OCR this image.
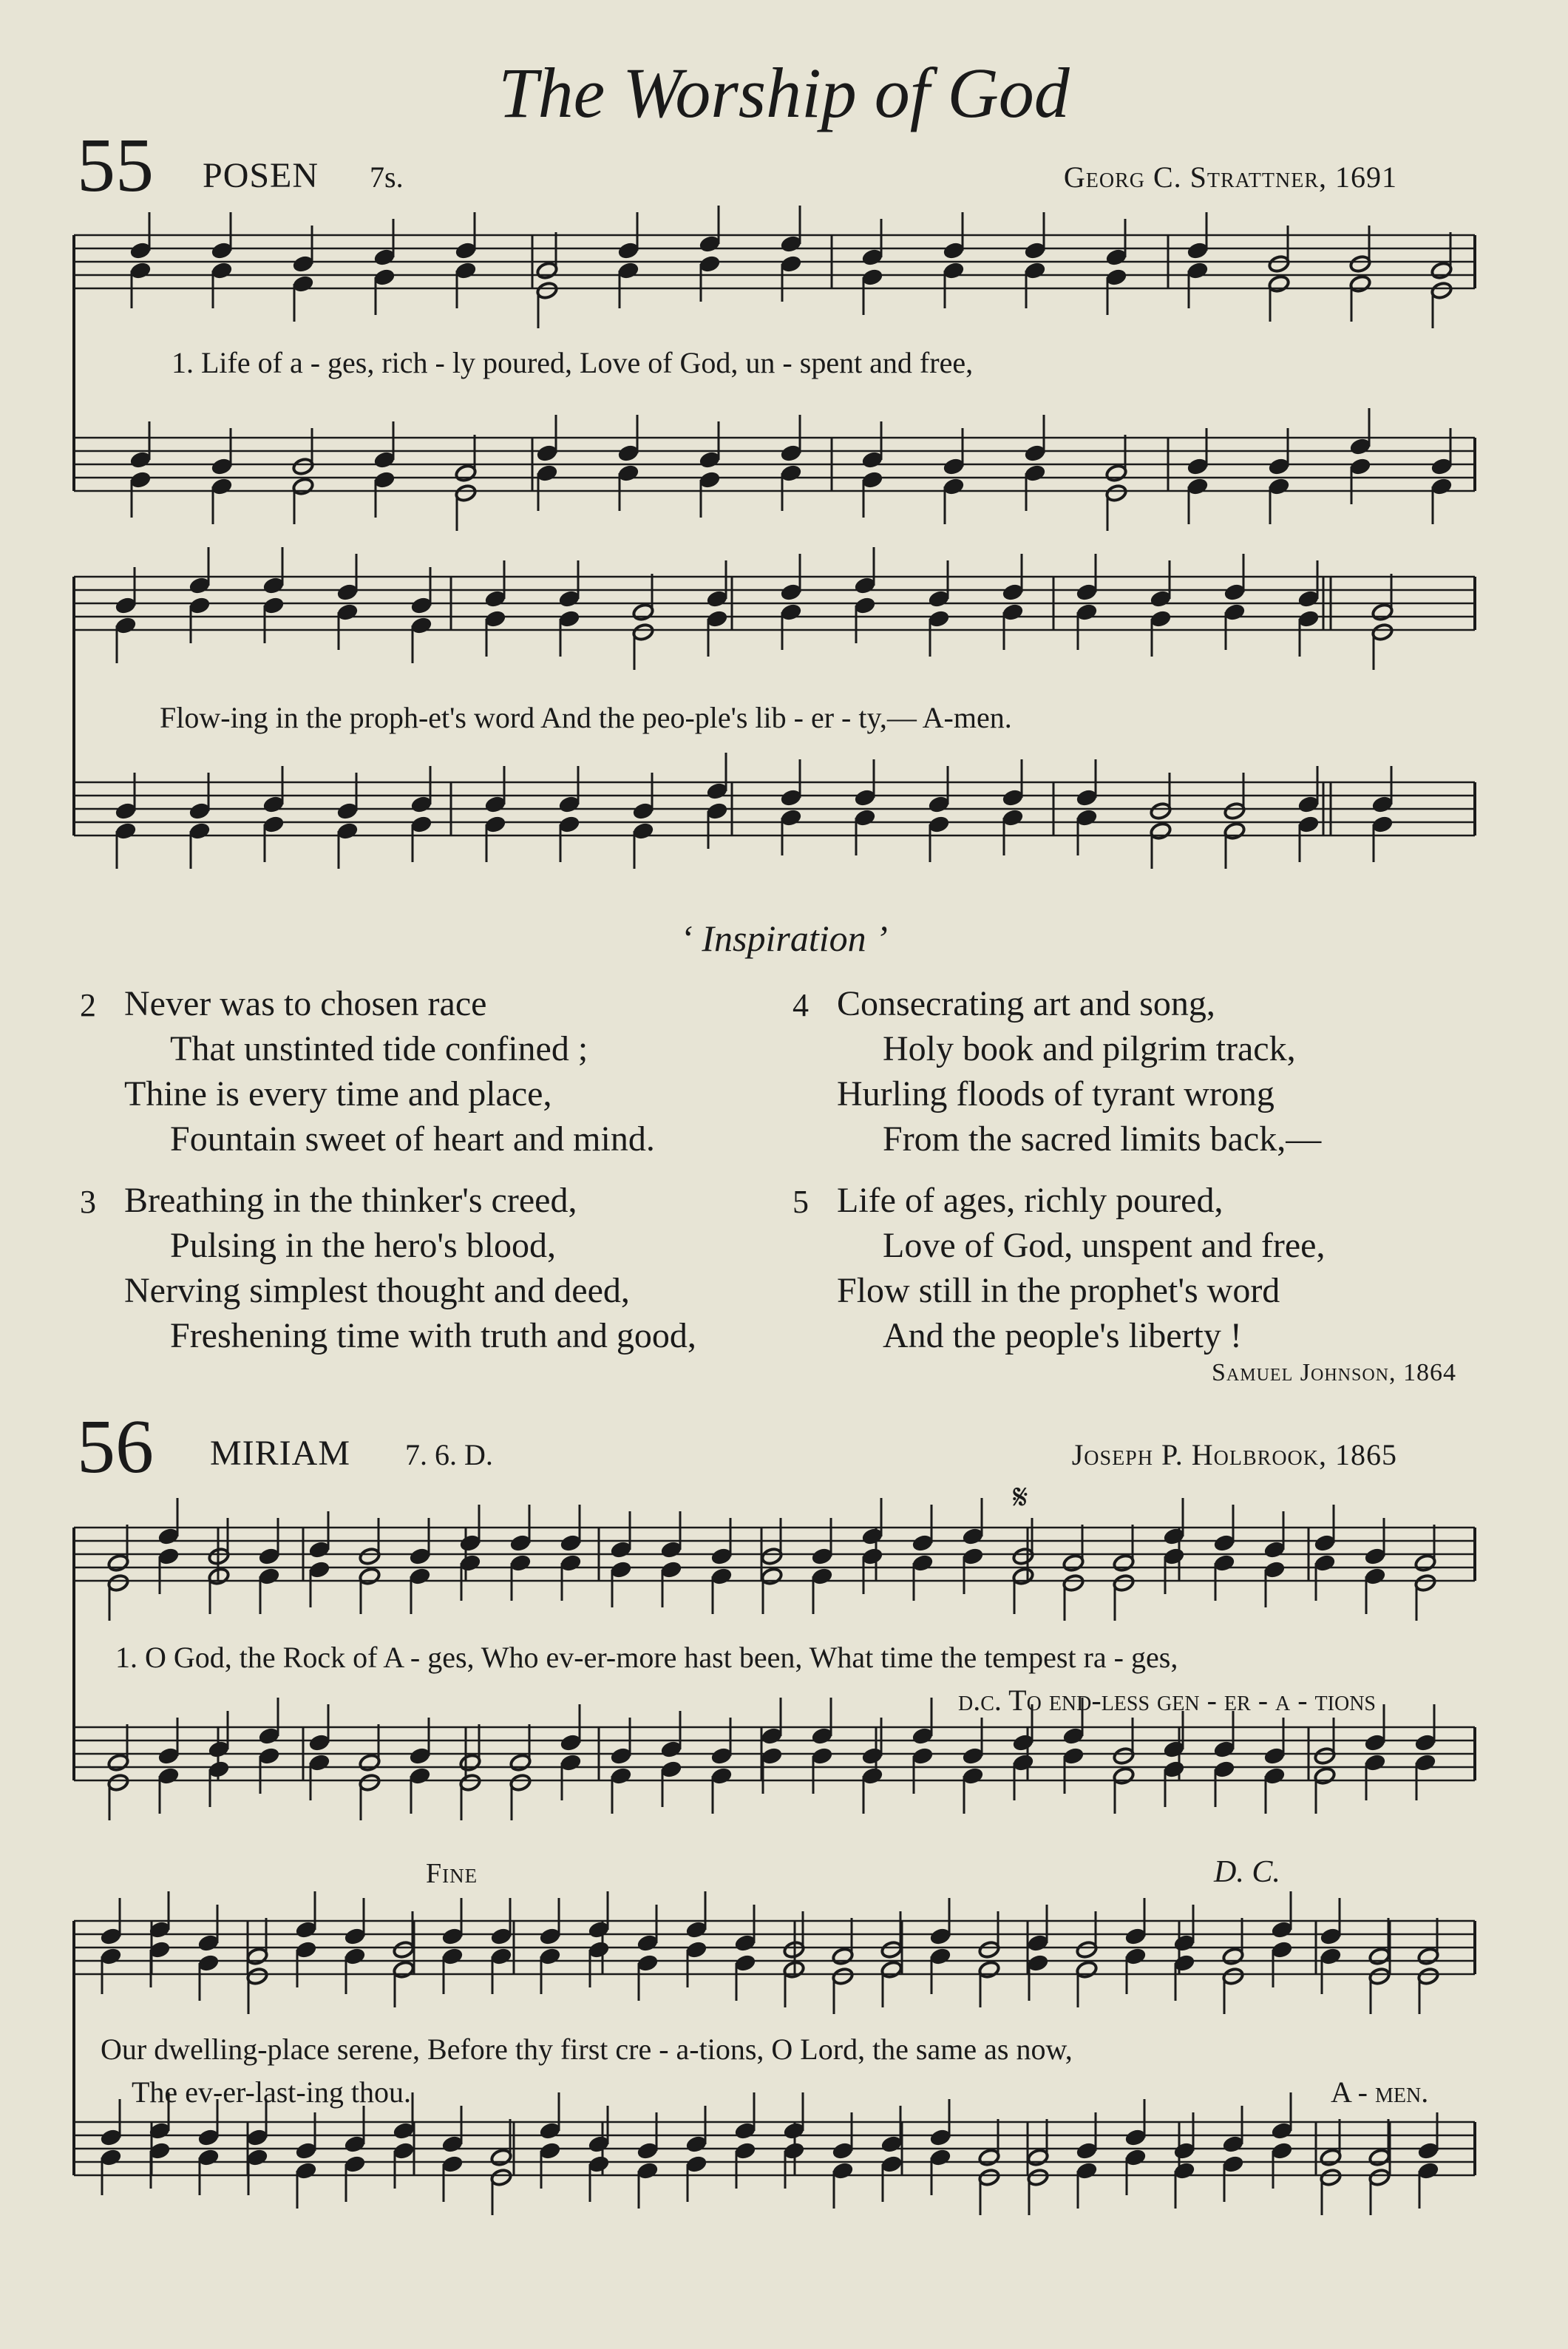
The Worship of God
55 POSEN 7s.	Georg C. Strattner, 1691
1. Life of a - ges, rich - ly poured, Love of God, un - spent and free,
Flow-ing in the proph-et's word And the peo-ple's lib - er - ty,— A-men.
‘ Inspiration ’
2 Never was to chosen race
That unstinted tide confined ;
Thine is every time and place,
Fountain sweet of heart and mind.
3 Breathing in the thinker's creed,
Pulsing in the hero's blood,
Nerving simplest thought and deed,
Freshening time with truth and good,
4 Consecrating art and song,
Holy book and pilgrim track,
Hurling floods of tyrant wrong
From the sacred limits back,—
5 Life of ages, richly poured,
Love of God, unspent and free,
Flow still in the prophet's word
And the people's liberty !
Samuel Johnson, 1864
56 MIRIAM 7. 6. D.	Joseph P. Holbrook, 1865
𝄋
1. O God, the Rock of A - ges, Who ev-er-more hast been, What time the tempest ra - ges,
d.c. To end-less gen - er - a - tions
Fine	D. C.
Our dwelling-place serene, Before thy first cre - a-tions, O Lord, the same as now,
The ev-er-last-ing thou.	A - men.
